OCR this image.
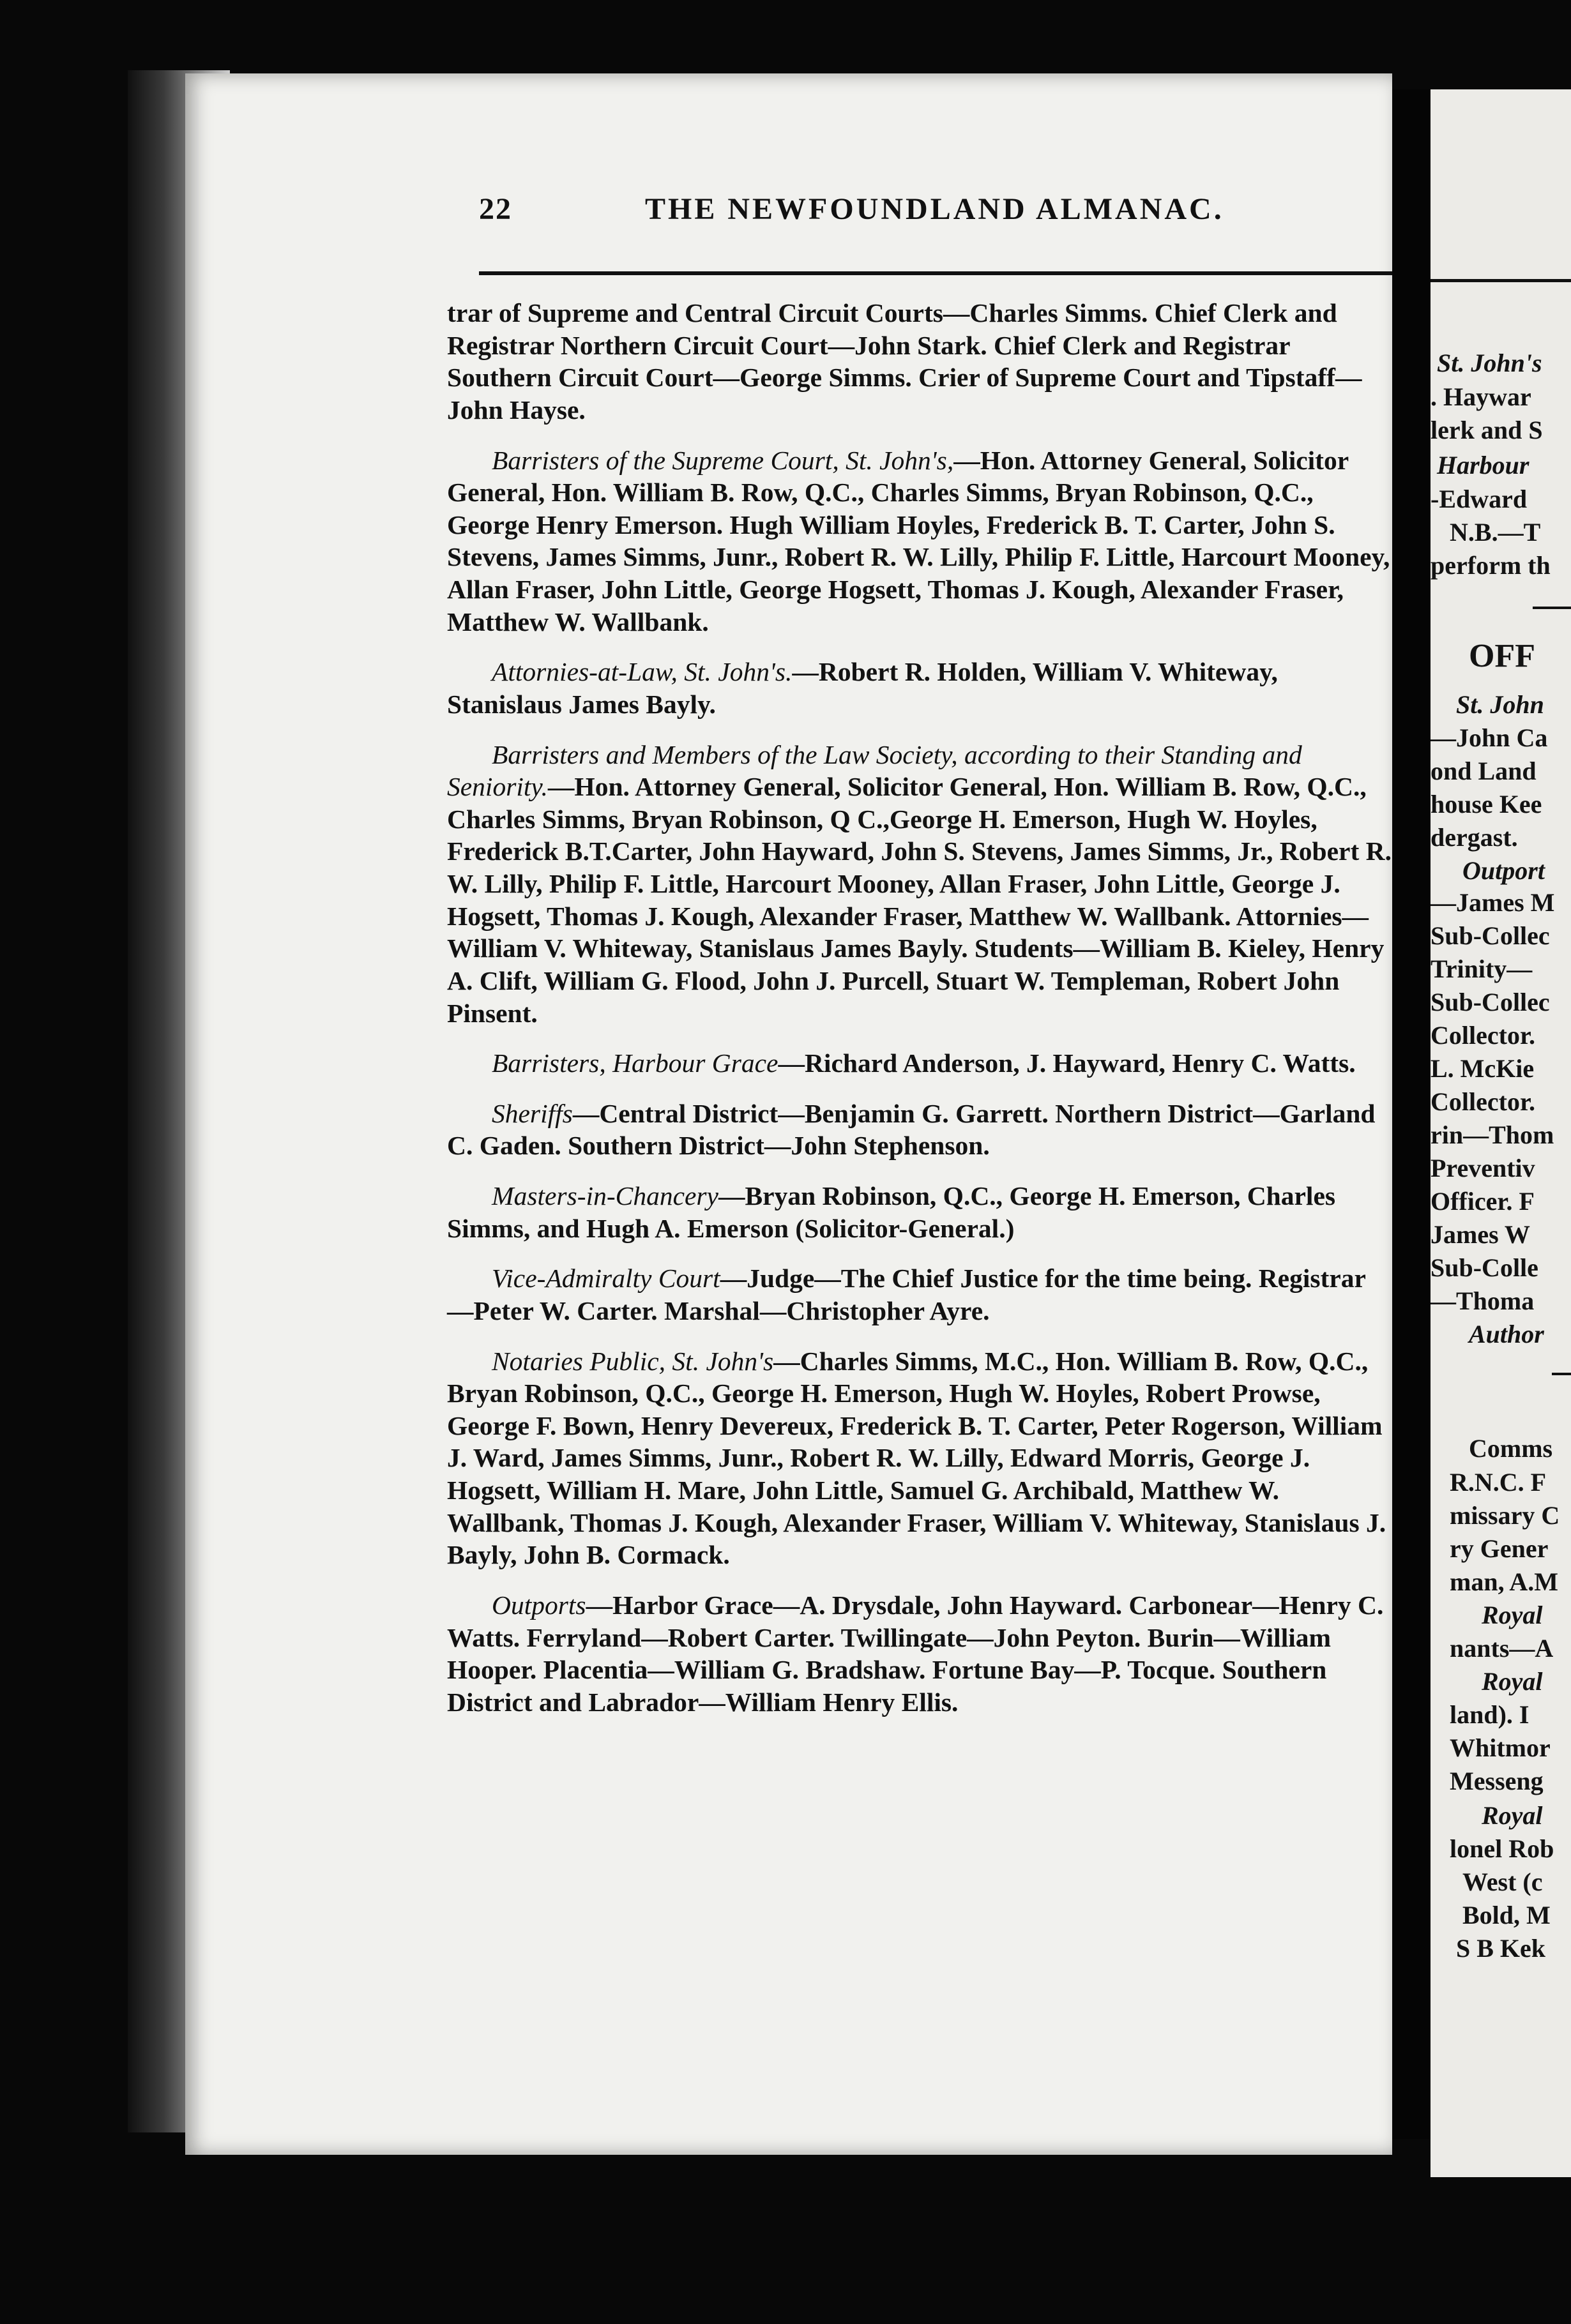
22	THE NEWFOUNDLAND ALMANAC.

trar of Supreme and Central Circuit Courts—Charles Simms. Chief Clerk and Registrar Northern Circuit Court—John Stark. Chief Clerk and Registrar Southern Circuit Court—George Simms. Crier of Supreme Court and Tipstaff—John Hayse.

Barristers of the Supreme Court, St. John's,—Hon. Attorney General, Solicitor General, Hon. William B. Row, Q.C., Charles Simms, Bryan Robinson, Q.C., George Henry Emerson. Hugh William Hoyles, Frederick B. T. Carter, John S. Stevens, James Simms, Junr., Robert R. W. Lilly, Philip F. Little, Harcourt Mooney, Allan Fraser, John Little, George Hogsett, Thomas J. Kough, Alexander Fraser, Matthew W. Wallbank.

Attornies-at-Law, St. John's.—Robert R. Holden, William V. Whiteway, Stanislaus James Bayly.

Barristers and Members of the Law Society, according to their Standing and Seniority.—Hon. Attorney General, Solicitor General, Hon. William B. Row, Q.C., Charles Simms, Bryan Robinson, Q C.,George H. Emerson, Hugh W. Hoyles, Frederick B.T.Carter, John Hayward, John S. Stevens, James Simms, Jr., Robert R. W. Lilly, Philip F. Little, Harcourt Mooney, Allan Fraser, John Little, George J. Hogsett, Thomas J. Kough, Alexander Fraser, Matthew W. Wallbank. Attornies—William V. Whiteway, Stanislaus James Bayly. Students—William B. Kieley, Henry A. Clift, William G. Flood, John J. Purcell, Stuart W. Templeman, Robert John Pinsent.

Barristers, Harbour Grace—Richard Anderson, J. Hayward, Henry C. Watts.

Sheriffs—Central District—Benjamin G. Garrett. Northern District—Garland C. Gaden. Southern District—John Stephenson.

Masters-in-Chancery—Bryan Robinson, Q.C., George H. Emerson, Charles Simms, and Hugh A. Emerson (Solicitor-General.)

Vice-Admiralty Court—Judge—The Chief Justice for the time being. Registrar—Peter W. Carter. Marshal—Christopher Ayre.

Notaries Public, St. John's—Charles Simms, M.C., Hon. William B. Row, Q.C., Bryan Robinson, Q.C., George H. Emerson, Hugh W. Hoyles, Robert Prowse, George F. Bown, Henry Devereux, Frederick B. T. Carter, Peter Rogerson, William J. Ward, James Simms, Junr., Robert R. W. Lilly, Edward Morris, George J. Hogsett, William H. Mare, John Little, Samuel G. Archibald, Matthew W. Wallbank, Thomas J. Kough, Alexander Fraser, William V. Whiteway, Stanislaus J. Bayly, John B. Cormack.

Outports—Harbor Grace—A. Drysdale, John Hayward. Carbonear—Henry C. Watts. Ferryland—Robert Carter. Twillingate—John Peyton. Burin—William Hooper. Placentia—William G. Bradshaw. Fortune Bay—P. Tocque. Southern District and Labrador—William Henry Ellis.

St. John's
. Haywar
lerk and S
Harbour
-Edward
N.B.—T
perform th
OFF
St. John
—John Ca
ond Land
house Kee
dergast.
Outport
—James M
Sub-Collec
Trinity—
Sub-Collec
Collector.
L. McKie
Collector.
rin—Thom
Preventiv
Officer. F
James W
Sub-Colle
—Thoma
Author
Comms
R.N.C. F
missary C
ry Gener
man, A.M
Royal
nants—A
Royal
land). I
Whitmor
Messeng
Royal
lonel Rob
West (c
Bold, M
S B Kek
